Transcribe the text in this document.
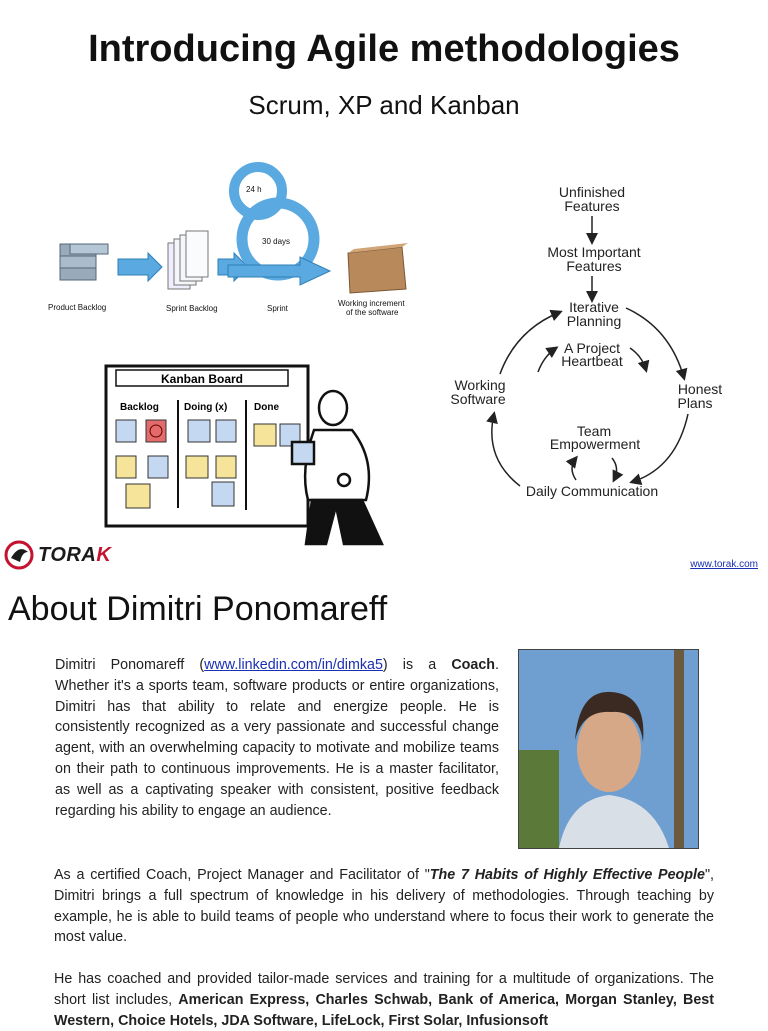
Introducing Agile methodologies
Scrum, XP and Kanban
24 h
30 days
Product Backlog	Sprint Backlog	Sprint
Working increment
of the software
Kanban Board
Backlog	Doing (x)	Done
Unfinished
Features
Most Important
Features
Iterative
Planning
A Project
Heartbeat
Honest
Plans
Working
Software
Team
Empowerment
Daily Communication
TORAK	www.torak.com
About Dimitri Ponomareff
Dimitri Ponomareff (www.linkedin.com/in/dimka5) is a Coach. Whether it's a sports team, software products or entire organizations, Dimitri has that ability to relate and energize people. He is consistently recognized as a very passionate and successful change agent, with an overwhelming capacity to motivate and mobilize teams on their path to continuous improvements. He is a master facilitator, as well as a captivating speaker with consistent, positive feedback regarding his ability to engage an audience.
As a certified Coach, Project Manager and Facilitator of "The 7 Habits of Highly Effective People", Dimitri brings a full spectrum of knowledge in his delivery of methodologies. Through teaching by example, he is able to build teams of people who understand where to focus their work to generate the most value.
He has coached and provided tailor-made services and training for a multitude of organizations. The short list includes, American Express, Charles Schwab, Bank of America, Morgan Stanley, Best Western, Choice Hotels, JDA Software, LifeLock, First Solar, Infusionsoft
